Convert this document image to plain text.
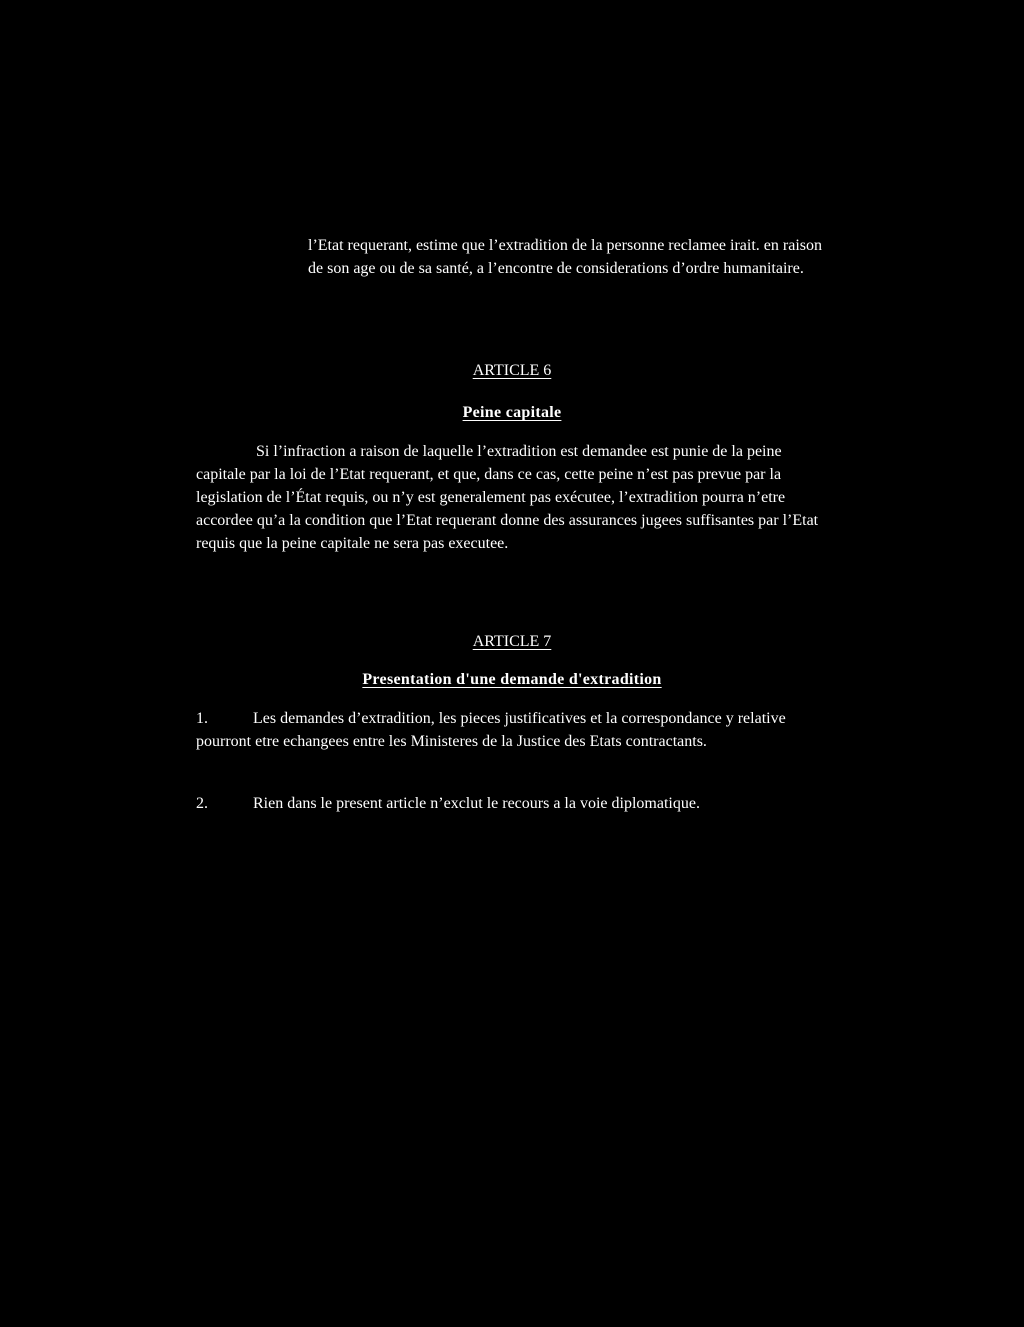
l’Etat requerant, estime que l’extradition de la personne reclamee irait. en raison de son age ou de sa santé, a l’encontre de considerations d’ordre humanitaire.

ARTICLE 6
Peine capitale

Si l’infraction a raison de laquelle l’extradition est demandee est punie de la peine capitale par la loi de l’Etat requerant, et que, dans ce cas, cette peine n’est pas prevue par la legislation de l’État requis, ou n’y est generalement pas exécutee, l’extradition pourra n’etre accordee qu’a la condition que l’Etat requerant donne des assurances jugees suffisantes par l’Etat requis que la peine capitale ne sera pas executee.

ARTICLE 7
Presentation d'une demande d'extradition

1.	Les demandes d’extradition, les pieces justificatives et la correspondance y relative pourront etre echangees entre les Ministeres de la Justice des Etats contractants.

2.	Rien dans le present article n’exclut le recours a la voie diplomatique.
